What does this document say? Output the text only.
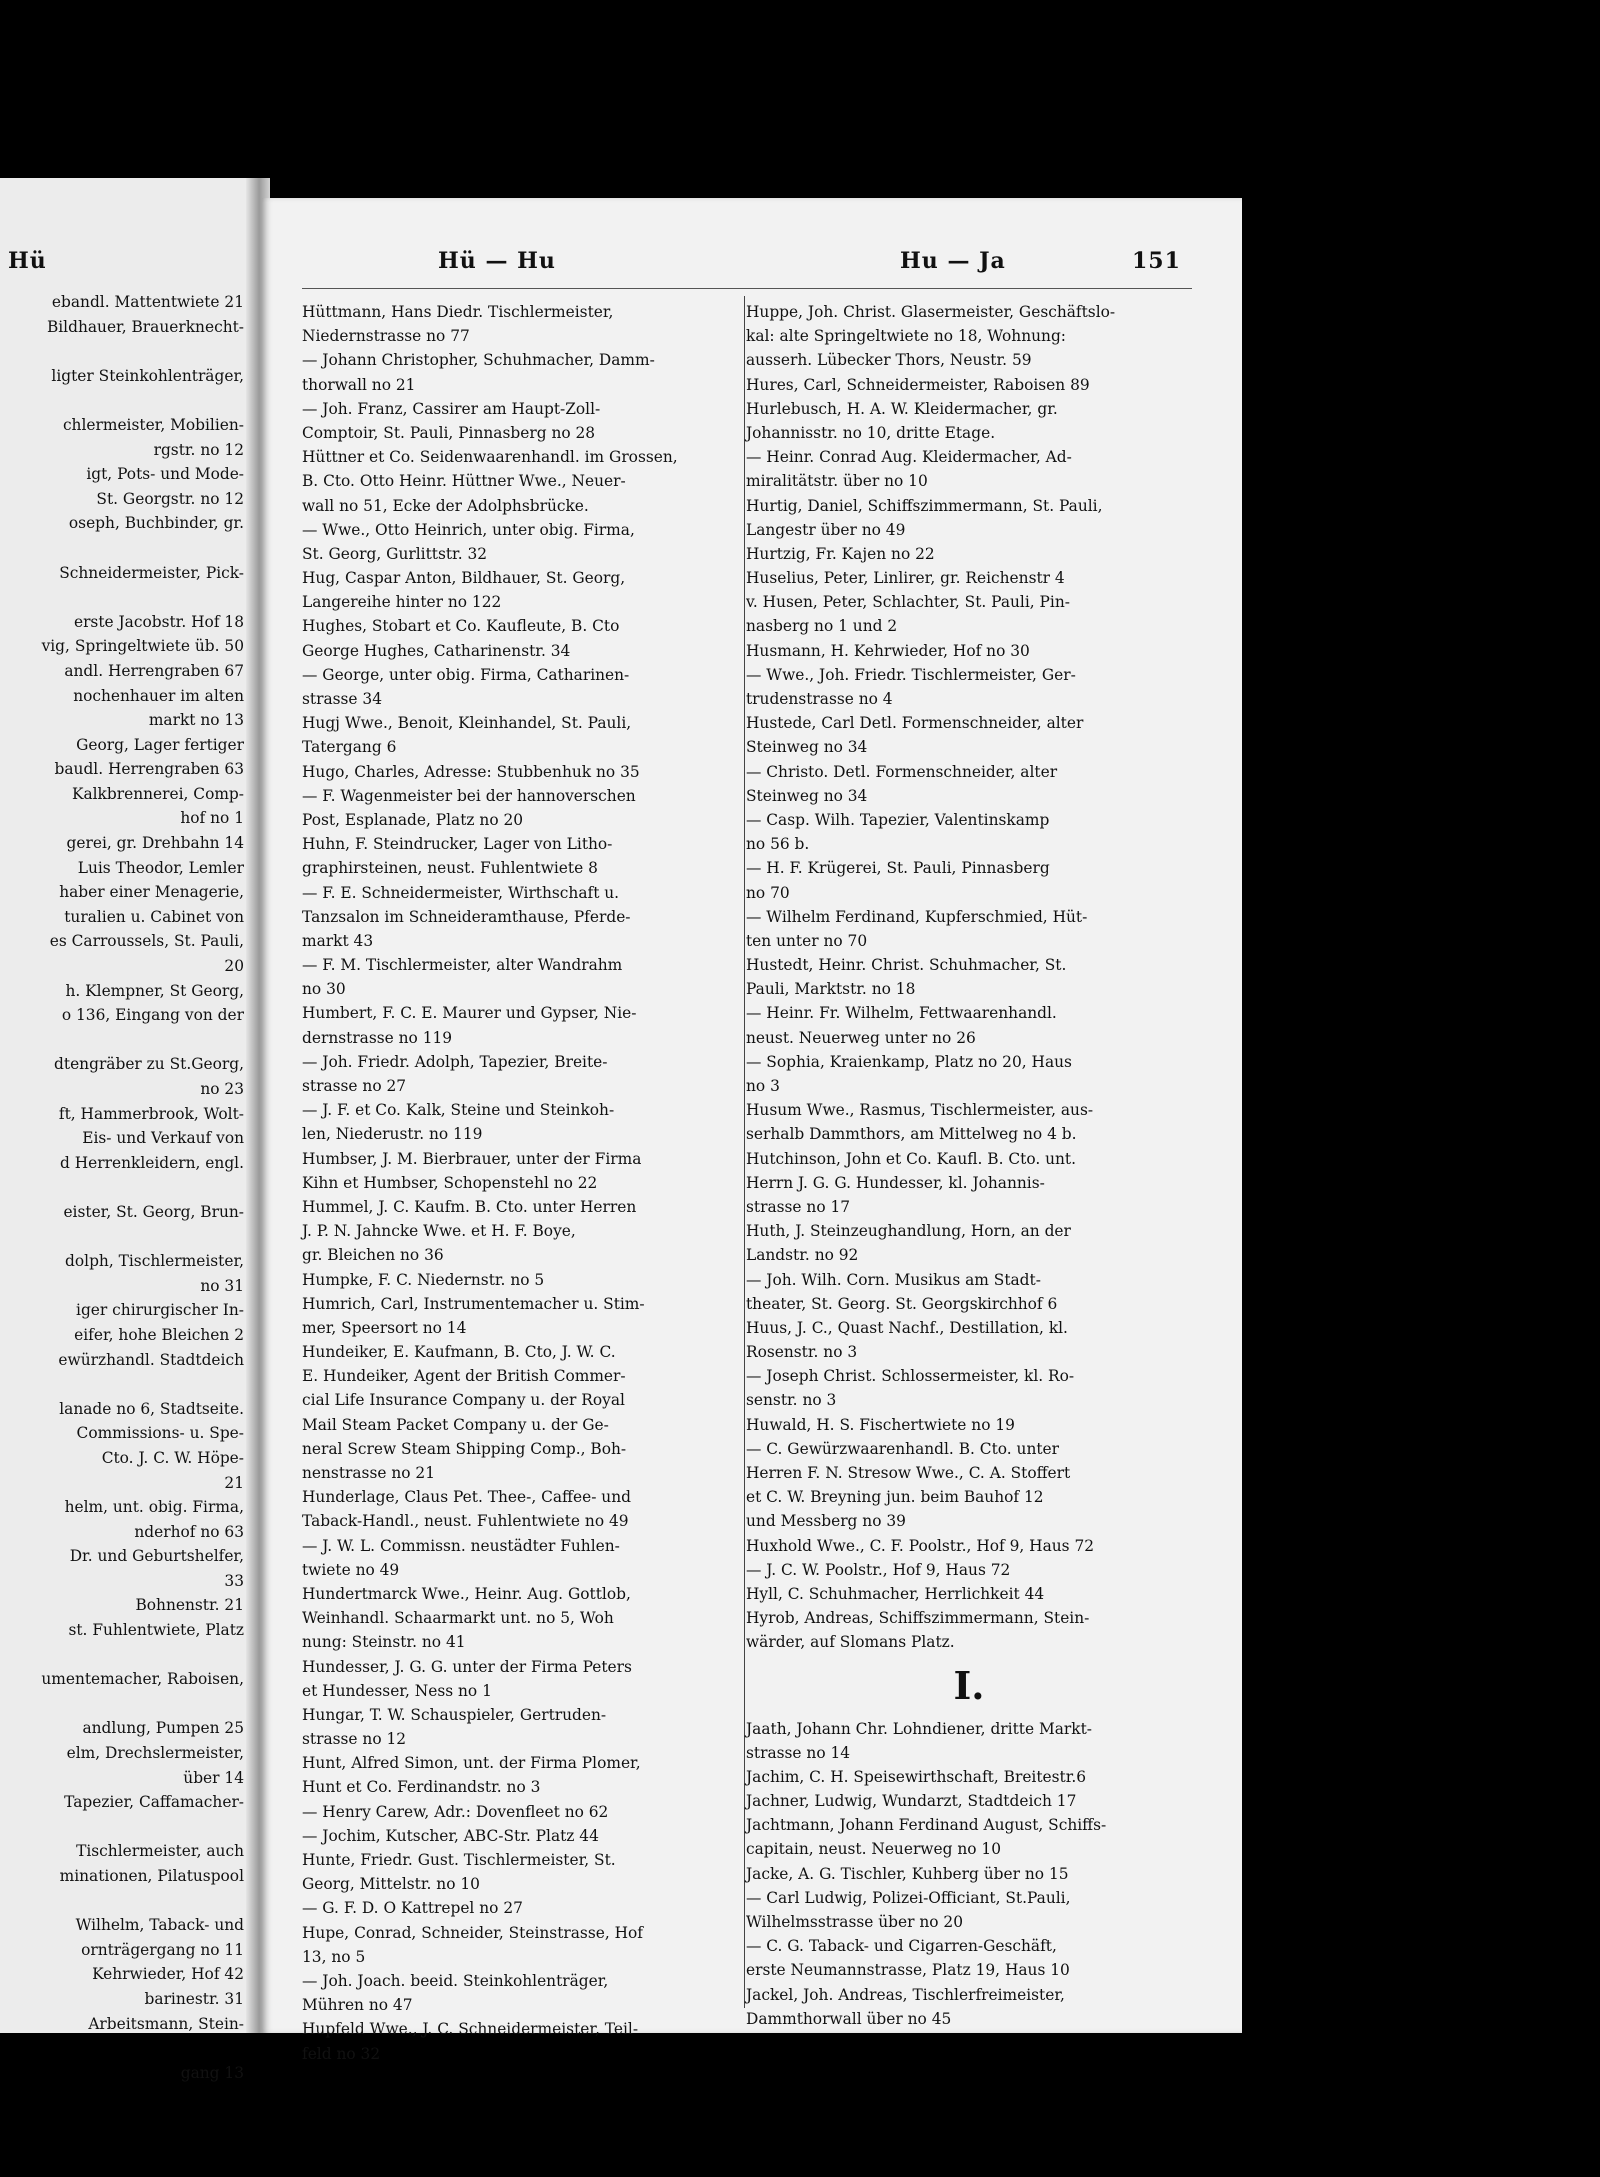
Hü
ebandl. Mattentwiete 21
Bildhauer, Brauerknecht-

ligter Steinkohlenträger,

chlermeister, Mobilien-
rgstr. no 12
igt, Pots- und Mode-
St. Georgstr. no 12
oseph, Buchbinder, gr.

Schneidermeister, Pick-

erste Jacobstr. Hof 18
vig, Springeltwiete üb. 50
andl. Herrengraben 67
nochenhauer im alten
markt no 13
Georg, Lager fertiger
baudl. Herrengraben 63
Kalkbrennerei, Comp-
hof no 1
gerei, gr. Drehbahn 14
Luis Theodor, Lemler
haber einer Menagerie,
turalien u. Cabinet von
es Carroussels, St. Pauli,
20
h. Klempner, St Georg,
o 136, Eingang von der

dtengräber zu St.Georg,
no 23
ft, Hammerbrook, Wolt-
Eis- und Verkauf von
d Herrenkleidern, engl.

eister, St. Georg, Brun-

dolph, Tischlermeister,
no 31
iger chirurgischer In-
eifer, hohe Bleichen 2
ewürzhandl. Stadtdeich

lanade no 6, Stadtseite.
Commissions- u. Spe-
Cto. J. C. W. Höpe-
21
helm, unt. obig. Firma,
nderhof no 63
Dr. und Geburtshelfer,
33
Bohnenstr. 21
st. Fuhlentwiete, Platz

umentemacher, Raboisen,

andlung, Pumpen 25
elm, Drechslermeister,
über 14
Tapezier, Caffamacher-

Tischlermeister, auch
minationen, Pilatuspool

Wilhelm, Taback- und
ornträgergang no 11
Kehrwieder, Hof 42
barinestr. 31
Arbeitsmann, Stein-

gang 13
Hü — Hu	Hu — Ja	151
Hüttmann, Hans Diedr. Tischlermeister,
Niedernstrasse no 77
— Johann Christopher, Schuhmacher, Damm-
thorwall no 21
— Joh. Franz, Cassirer am Haupt-Zoll-
Comptoir, St. Pauli, Pinnasberg no 28
Hüttner et Co. Seidenwaarenhandl. im Grossen,
B. Cto. Otto Heinr. Hüttner Wwe., Neuer-
wall no 51, Ecke der Adolphsbrücke.
— Wwe., Otto Heinrich, unter obig. Firma,
St. Georg, Gurlittstr. 32
Hug, Caspar Anton, Bildhauer, St. Georg,
Langereihe hinter no 122
Hughes, Stobart et Co. Kaufleute, B. Cto
George Hughes, Catharinenstr. 34
— George, unter obig. Firma, Catharinen-
strasse 34
Hugj Wwe., Benoit, Kleinhandel, St. Pauli,
Tatergang 6
Hugo, Charles, Adresse: Stubbenhuk no 35
— F. Wagenmeister bei der hannoverschen
Post, Esplanade, Platz no 20
Huhn, F. Steindrucker, Lager von Litho-
graphirsteinen, neust. Fuhlentwiete 8
— F. E. Schneidermeister, Wirthschaft u.
Tanzsalon im Schneideramthause, Pferde-
markt 43
— F. M. Tischlermeister, alter Wandrahm
no 30
Humbert, F. C. E. Maurer und Gypser, Nie-
dernstrasse no 119
— Joh. Friedr. Adolph, Tapezier, Breite-
strasse no 27
— J. F. et Co. Kalk, Steine und Steinkoh-
len, Niederustr. no 119
Humbser, J. M. Bierbrauer, unter der Firma
Kihn et Humbser, Schopenstehl no 22
Hummel, J. C. Kaufm. B. Cto. unter Herren
J. P. N. Jahncke Wwe. et H. F. Boye,
gr. Bleichen no 36
Humpke, F. C. Niedernstr. no 5
Humrich, Carl, Instrumentemacher u. Stim-
mer, Speersort no 14
Hundeiker, E. Kaufmann, B. Cto, J. W. C.
E. Hundeiker, Agent der British Commer-
cial Life Insurance Company u. der Royal
Mail Steam Packet Company u. der Ge-
neral Screw Steam Shipping Comp., Boh-
nenstrasse no 21
Hunderlage, Claus Pet. Thee-, Caffee- und
Taback-Handl., neust. Fuhlentwiete no 49
— J. W. L. Commissn. neustädter Fuhlen-
twiete no 49
Hundertmarck Wwe., Heinr. Aug. Gottlob,
Weinhandl. Schaarmarkt unt. no 5, Woh
nung: Steinstr. no 41
Hundesser, J. G. G. unter der Firma Peters
et Hundesser, Ness no 1
Hungar, T. W. Schauspieler, Gertruden-
strasse no 12
Hunt, Alfred Simon, unt. der Firma Plomer,
Hunt et Co. Ferdinandstr. no 3
— Henry Carew, Adr.: Dovenfleet no 62
— Jochim, Kutscher, ABC-Str. Platz 44
Hunte, Friedr. Gust. Tischlermeister, St.
Georg, Mittelstr. no 10
— G. F. D. O Kattrepel no 27
Hupe, Conrad, Schneider, Steinstrasse, Hof
13, no 5
— Joh. Joach. beeid. Steinkohlenträger,
Mühren no 47
Hupfeld Wwe., J. C. Schneidermeister, Teil-
feld no 32
Huppe, Joh. Christ. Glasermeister, Geschäftslo-
kal: alte Springeltwiete no 18, Wohnung:
ausserh. Lübecker Thors, Neustr. 59
Hures, Carl, Schneidermeister, Raboisen 89
Hurlebusch, H. A. W. Kleidermacher, gr.
Johannisstr. no 10, dritte Etage.
— Heinr. Conrad Aug. Kleidermacher, Ad-
miralitätstr. über no 10
Hurtig, Daniel, Schiffszimmermann, St. Pauli,
Langestr über no 49
Hurtzig, Fr. Kajen no 22
Huselius, Peter, Linlirer, gr. Reichenstr 4
v. Husen, Peter, Schlachter, St. Pauli, Pin-
nasberg no 1 und 2
Husmann, H. Kehrwieder, Hof no 30
— Wwe., Joh. Friedr. Tischlermeister, Ger-
trudenstrasse no 4
Hustede, Carl Detl. Formenschneider, alter
Steinweg no 34
— Christo. Detl. Formenschneider, alter
Steinweg no 34
— Casp. Wilh. Tapezier, Valentinskamp
no 56 b.
— H. F. Krügerei, St. Pauli, Pinnasberg
no 70
— Wilhelm Ferdinand, Kupferschmied, Hüt-
ten unter no 70
Hustedt, Heinr. Christ. Schuhmacher, St.
Pauli, Marktstr. no 18
— Heinr. Fr. Wilhelm, Fettwaarenhandl.
neust. Neuerweg unter no 26
— Sophia, Kraienkamp, Platz no 20, Haus
no 3
Husum Wwe., Rasmus, Tischlermeister, aus-
serhalb Dammthors, am Mittelweg no 4 b.
Hutchinson, John et Co. Kaufl. B. Cto. unt.
Herrn J. G. G. Hundesser, kl. Johannis-
strasse no 17
Huth, J. Steinzeughandlung, Horn, an der
Landstr. no 92
— Joh. Wilh. Corn. Musikus am Stadt-
theater, St. Georg. St. Georgskirchhof 6
Huus, J. C., Quast Nachf., Destillation, kl.
Rosenstr. no 3
— Joseph Christ. Schlossermeister, kl. Ro-
senstr. no 3
Huwald, H. S. Fischertwiete no 19
— C. Gewürzwaarenhandl. B. Cto. unter
Herren F. N. Stresow Wwe., C. A. Stoffert
et C. W. Breyning jun. beim Bauhof 12
und Messberg no 39
Huxhold Wwe., C. F. Poolstr., Hof 9, Haus 72
— J. C. W. Poolstr., Hof 9, Haus 72
Hyll, C. Schuhmacher, Herrlichkeit 44
Hyrob, Andreas, Schiffszimmermann, Stein-
wärder, auf Slomans Platz.
I.
Jaath, Johann Chr. Lohndiener, dritte Markt-
strasse no 14
Jachim, C. H. Speisewirthschaft, Breitestr.6
Jachner, Ludwig, Wundarzt, Stadtdeich 17
Jachtmann, Johann Ferdinand August, Schiffs-
capitain, neust. Neuerweg no 10
Jacke, A. G. Tischler, Kuhberg über no 15
— Carl Ludwig, Polizei-Officiant, St.Pauli,
Wilhelmsstrasse über no 20
— C. G. Taback- und Cigarren-Geschäft,
erste Neumannstrasse, Platz 19, Haus 10
Jackel, Joh. Andreas, Tischlerfreimeister,
Dammthorwall über no 45
